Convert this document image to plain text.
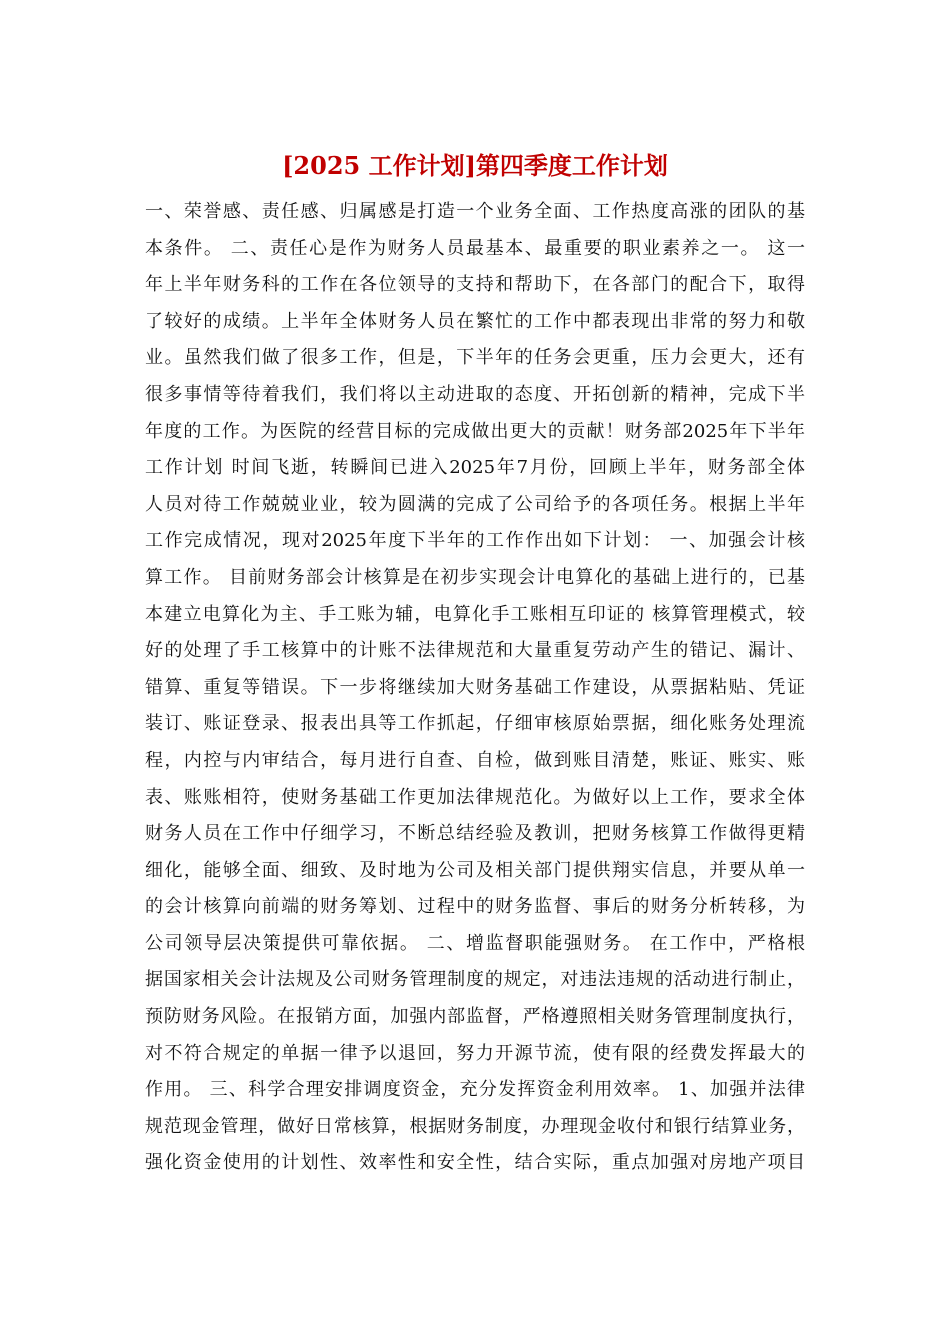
[2025 工作计划]第四季度工作计划
一、荣誉感、责任感、归属感是打造一个业务全面、工作热度高涨的团队的基
本条件。 二、责任心是作为财务人员最基本、最重要的职业素养之一。 这一
年上半年财务科的工作在各位领导的支持和帮助下，在各部门的配合下，取得
了较好的成绩。上半年全体财务人员在繁忙的工作中都表现出非常的努力和敬
业。虽然我们做了很多工作，但是，下半年的任务会更重，压力会更大，还有
很多事情等待着我们，我们将以主动进取的态度、开拓创新的精神，完成下半
年度的工作。为医院的经营目标的完成做出更大的贡献！财务部2025年下半年
工作计划 时间飞逝，转瞬间已进入2025年7月份，回顾上半年，财务部全体
人员对待工作兢兢业业，较为圆满的完成了公司给予的各项任务。根据上半年
工作完成情况，现对2025年度下半年的工作作出如下计划： 一、加强会计核
算工作。 目前财务部会计核算是在初步实现会计电算化的基础上进行的，已基
本建立电算化为主、手工账为辅，电算化手工账相互印证的 核算管理模式，较
好的处理了手工核算中的计账不法律规范和大量重复劳动产生的错记、漏计、
错算、重复等错误。下一步将继续加大财务基础工作建设，从票据粘贴、凭证
装订、账证登录、报表出具等工作抓起，仔细审核原始票据，细化账务处理流
程，内控与内审结合，每月进行自查、自检，做到账目清楚，账证、账实、账
表、账账相符，使财务基础工作更加法律规范化。为做好以上工作，要求全体
财务人员在工作中仔细学习，不断总结经验及教训，把财务核算工作做得更精
细化，能够全面、细致、及时地为公司及相关部门提供翔实信息，并要从单一
的会计核算向前端的财务筹划、过程中的财务监督、事后的财务分析转移，为
公司领导层决策提供可靠依据。 二、增监督职能强财务。 在工作中，严格根
据国家相关会计法规及公司财务管理制度的规定，对违法违规的活动进行制止，
预防财务风险。在报销方面，加强内部监督，严格遵照相关财务管理制度执行，
对不符合规定的单据一律予以退回，努力开源节流，使有限的经费发挥最大的
作用。 三、科学合理安排调度资金，充分发挥资金利用效率。 1、加强并法律
规范现金管理，做好日常核算，根据财务制度，办理现金收付和银行结算业务，
强化资金使用的计划性、效率性和安全性，结合实际，重点加强对房地产项目
